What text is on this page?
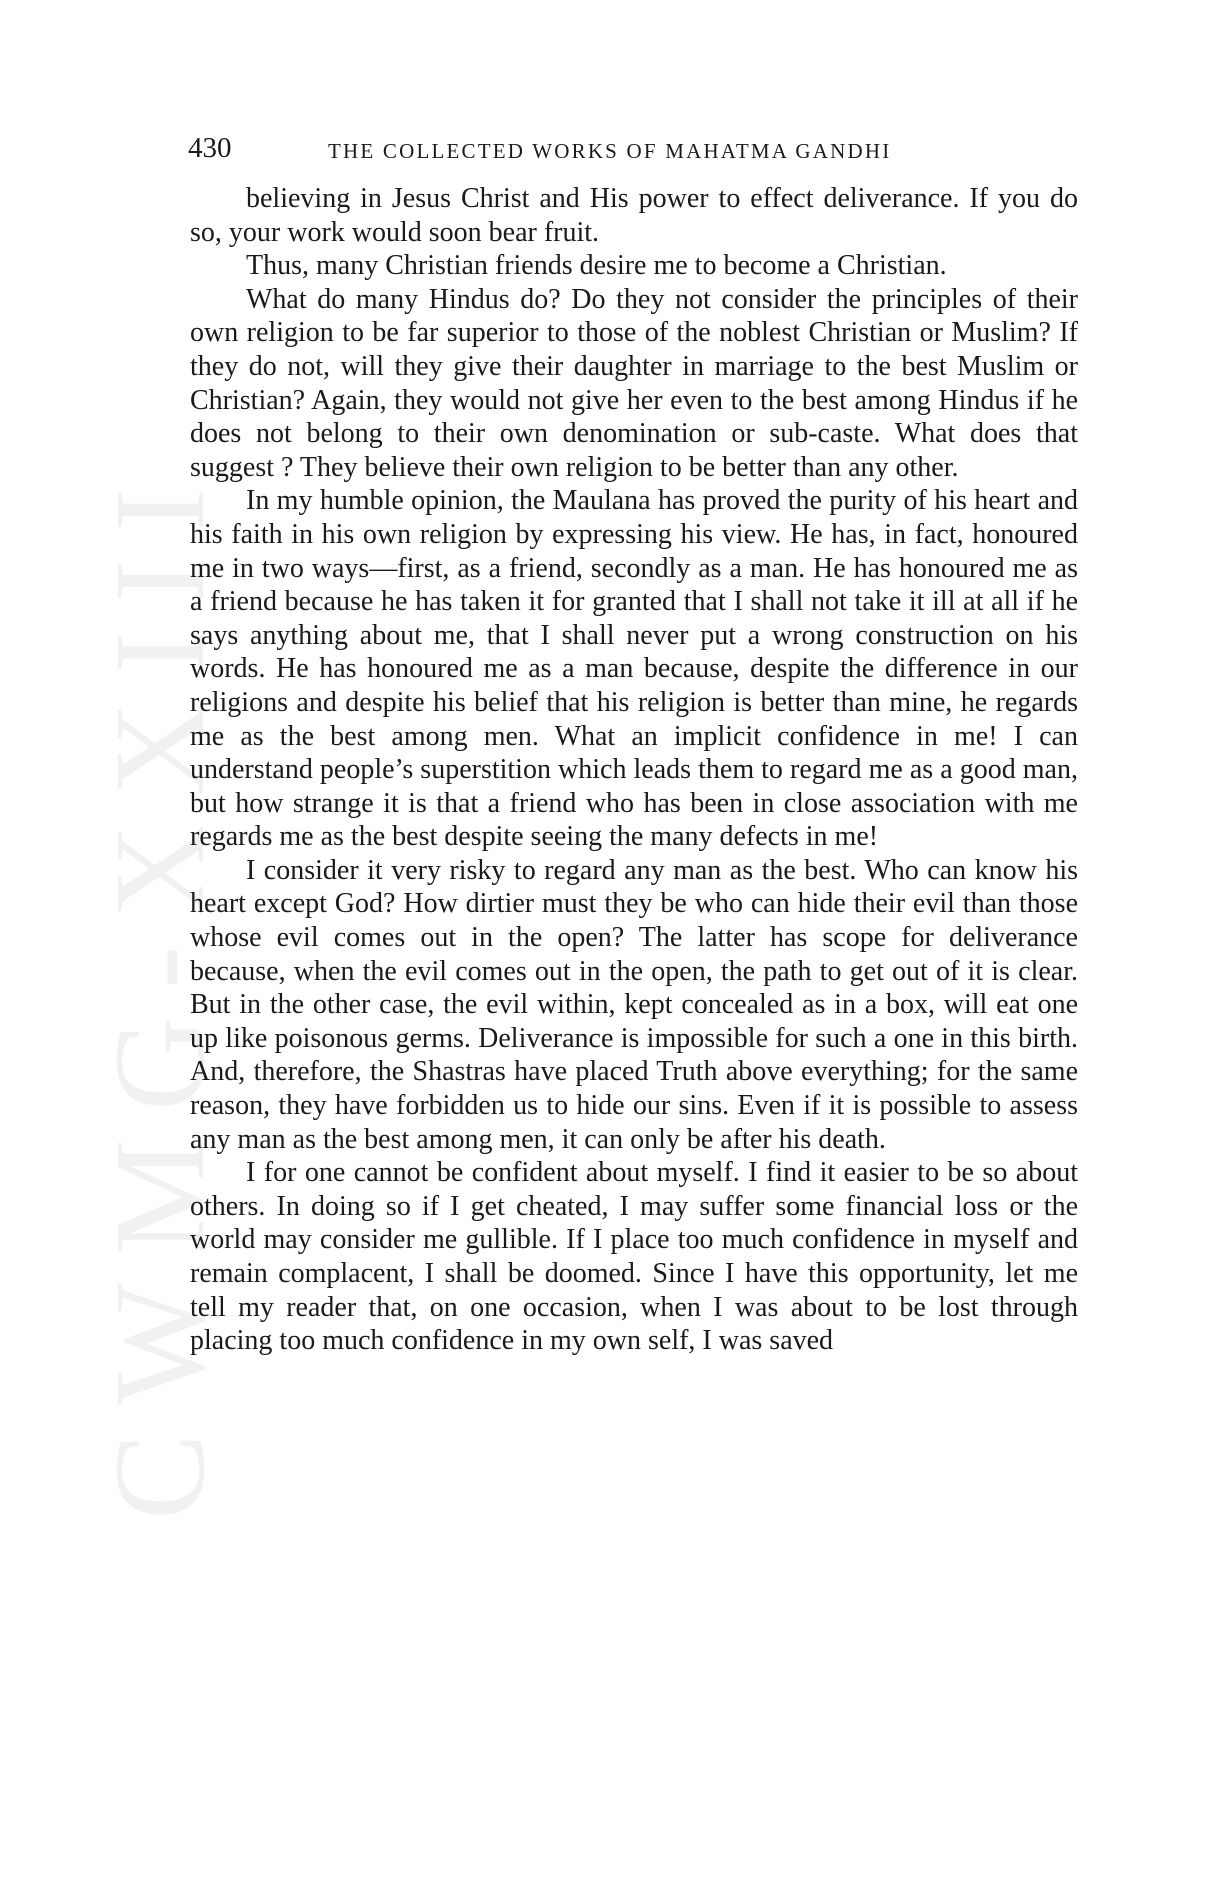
CWMG-XXIII
430	THE COLLECTED WORKS OF MAHATMA GANDHI

believing in Jesus Christ and His power to effect deliverance. If you do so, your work would soon bear fruit.

Thus, many Christian friends desire me to become a Christian.

What do many Hindus do? Do they not consider the principles of their own religion to be far superior to those of the noblest Christian or Muslim? If they do not, will they give their daughter in marriage to the best Muslim or Christian? Again, they would not give her even to the best among Hindus if he does not belong to their own denomination or sub-caste. What does that suggest ? They believe their own religion to be better than any other.

In my humble opinion, the Maulana has proved the purity of his heart and his faith in his own religion by expressing his view. He has, in fact, honoured me in two ways—first, as a friend, secondly as a man. He has honoured me as a friend because he has taken it for granted that I shall not take it ill at all if he says anything about me, that I shall never put a wrong construction on his words. He has honoured me as a man because, despite the difference in our religions and despite his belief that his religion is better than mine, he regards me as the best among men. What an implicit confidence in me! I can understand people’s superstition which leads them to regard me as a good man, but how strange it is that a friend who has been in close association with me regards me as the best despite seeing the many defects in me!

I consider it very risky to regard any man as the best. Who can know his heart except God? How dirtier must they be who can hide their evil than those whose evil comes out in the open? The latter has scope for deliverance because, when the evil comes out in the open, the path to get out of it is clear. But in the other case, the evil within, kept concealed as in a box, will eat one up like poisonous germs. Deliverance is impossible for such a one in this birth. And, therefore, the Shastras have placed Truth above everything; for the same reason, they have forbidden us to hide our sins. Even if it is possible to assess any man as the best among men, it can only be after his death.

I for one cannot be confident about myself. I find it easier to be so about others. In doing so if I get cheated, I may suffer some financial loss or the world may consider me gullible. If I place too much confidence in myself and remain complacent, I shall be doomed. Since I have this opportunity, let me tell my reader that, on one occasion, when I was about to be lost through placing too much confidence in my own self, I was saved
